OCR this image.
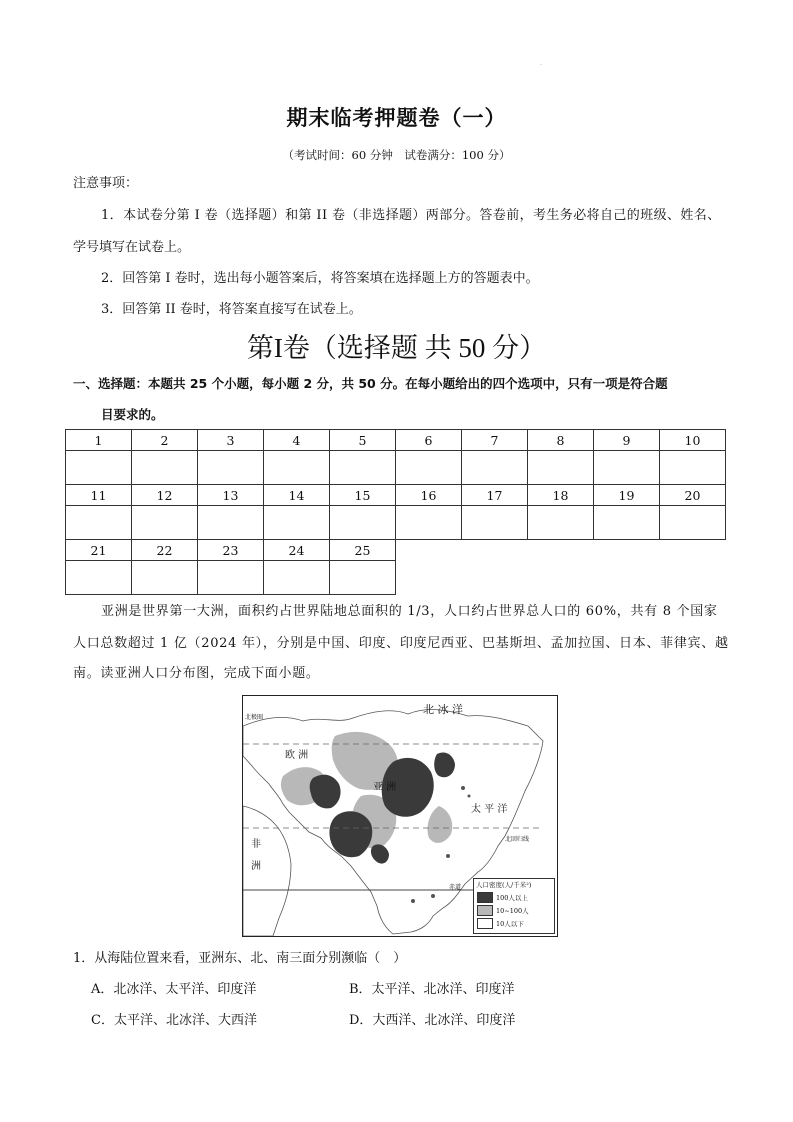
·
期末临考押题卷（一）
（考试时间：60 分钟　试卷满分：100 分）
注意事项：
1．本试卷分第 I 卷（选择题）和第 II 卷（非选择题）两部分。答卷前，考生务必将自己的班级、姓名、
学号填写在试卷上。
2．回答第 I 卷时，选出每小题答案后，将答案填在选择题上方的答题表中。
3．回答第 II 卷时，将答案直接写在试卷上。
第I卷（选择题 共 50 分）
一、选择题：本题共 25 个小题，每小题 2 分，共 50 分。在每小题给出的四个选项中，只有一项是符合题
目要求的。
1	2	3	4	5	6	7	8	9	10

11	12	13	14	15	16	17	18	19	20

21	22	23	24	25					

亚洲是世界第一大洲，面积约占世界陆地总面积的 1/3，人口约占世界总人口的 60%，共有 8 个国家
人口总数超过 1 亿（2024 年），分别是中国、印度、印度尼西亚、巴基斯坦、孟加拉国、日本、菲律宾、越
南。读亚洲人口分布图，完成下面小题。
北 冰 洋
北极圈
欧 洲
亚 洲
太 平 洋
非 洲
北回归线
赤道	人口密度(人/千米²)
100人以上
10~100人
10人以下
1．从海陆位置来看，亚洲东、北、南三面分别濒临（　）
A．北冰洋、太平洋、印度洋	B．太平洋、北冰洋、印度洋
C．太平洋、北冰洋、大西洋	D．大西洋、北冰洋、印度洋
